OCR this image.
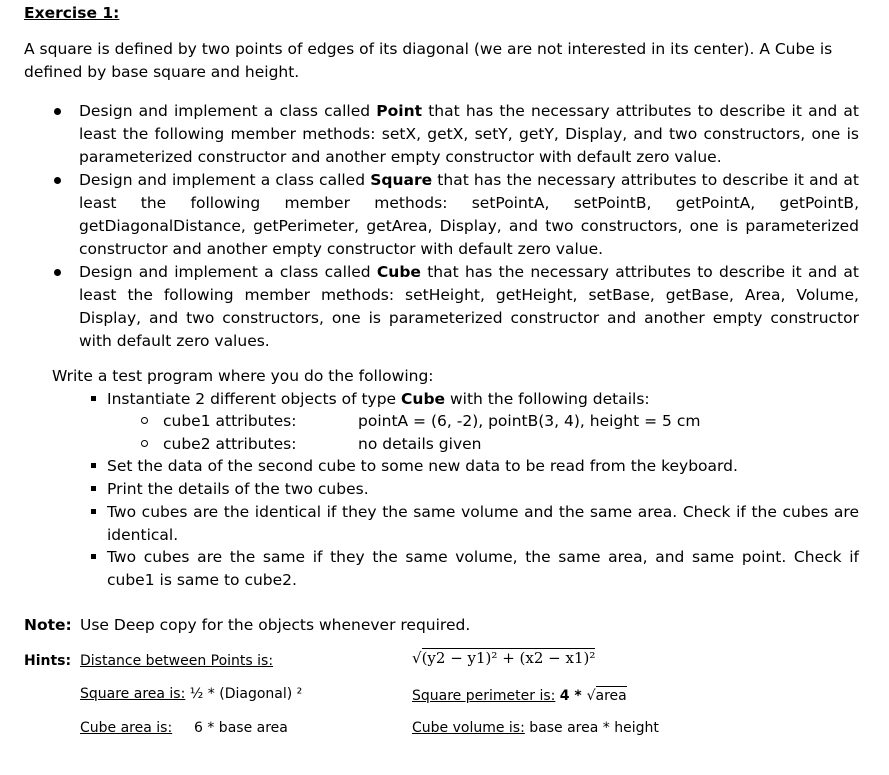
Exercise 1:
A square is defined by two points of edges of its diagonal (we are not interested in its center). A Cube is defined by base square and height.
Design and implement a class called Point that has the necessary attributes to describe it and at least the following member methods: setX, getX, setY, getY, Display, and two constructors, one is parameterized constructor and another empty constructor with default zero value.
Design and implement a class called Square that has the necessary attributes to describe it and at least the following member methods: setPointA, setPointB, getPointA, getPointB, getDiagonalDistance, getPerimeter, getArea, Display, and two constructors, one is parameterized constructor and another empty constructor with default zero value.
Design and implement a class called Cube that has the necessary attributes to describe it and at least the following member methods: setHeight, getHeight, setBase, getBase, Area, Volume, Display, and two constructors, one is parameterized constructor and another empty constructor with default zero values.
Write a test program where you do the following:
Instantiate 2 different objects of type Cube with the following details:
cube1 attributes:	pointA = (6, -2), pointB(3, 4), height = 5 cm
cube2 attributes:	no details given
Set the data of the second cube to some new data to be read from the keyboard.
Print the details of the two cubes.
Two cubes are the identical if they the same volume and the same area. Check if the cubes are identical.
Two cubes are the same if they the same volume, the same area, and same point. Check if cube1 is same to cube2.
Note: Use Deep copy for the objects whenever required.
Hints: Distance between Points is:	√(y2 − y1)² + (x2 − x1)²
Square area is: ½ * (Diagonal) ²	Square perimeter is: 4 * √area
Cube area is: 6 * base area	Cube volume is: base area * height
